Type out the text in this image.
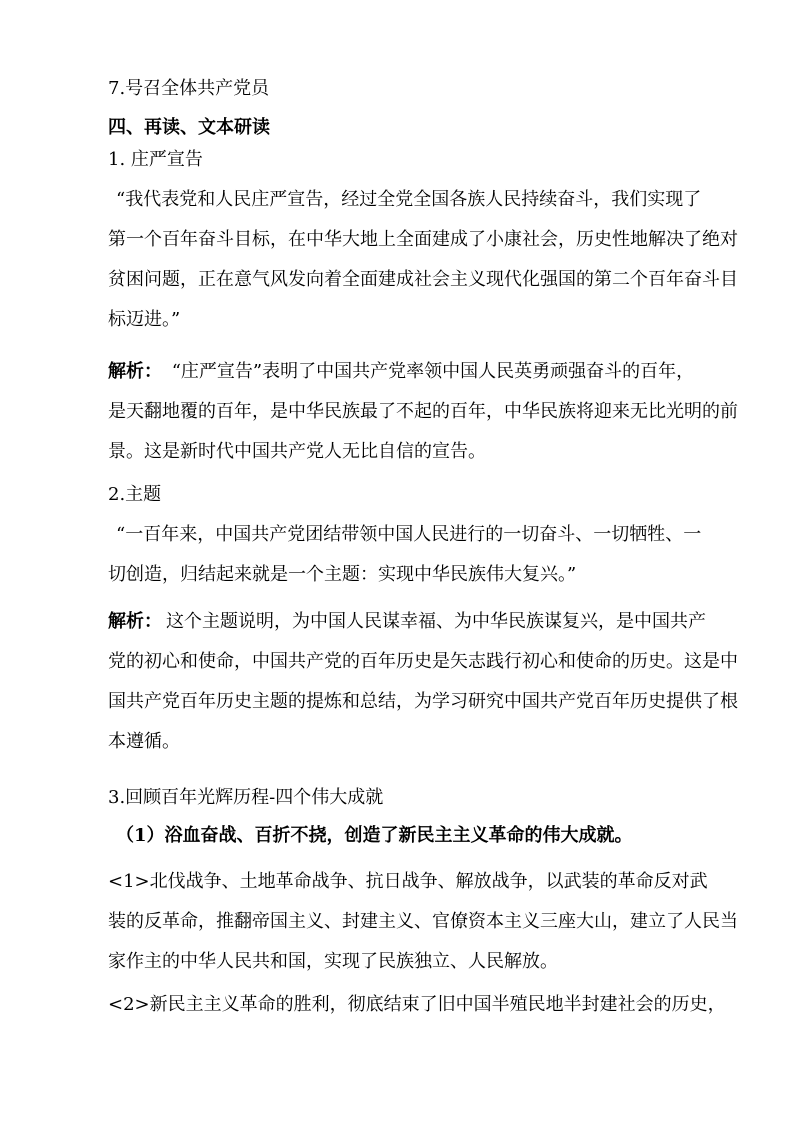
7.号召全体共产党员
四、再读、文本研读
1. 庄严宣告
“我代表党和人民庄严宣告，经过全党全国各族人民持续奋斗，我们实现了
第一个百年奋斗目标，在中华大地上全面建成了小康社会，历史性地解决了绝对
贫困问题，正在意气风发向着全面建成社会主义现代化强国的第二个百年奋斗目
标迈进。”
解析： “庄严宣告”表明了中国共产党率领中国人民英勇顽强奋斗的百年，
是天翻地覆的百年，是中华民族最了不起的百年，中华民族将迎来无比光明的前
景。这是新时代中国共产党人无比自信的宣告。
2.主题
“一百年来，中国共产党团结带领中国人民进行的一切奋斗、一切牺牲、一
切创造，归结起来就是一个主题：实现中华民族伟大复兴。”
解析： 这个主题说明，为中国人民谋幸福、为中华民族谋复兴，是中国共产
党的初心和使命，中国共产党的百年历史是矢志践行初心和使命的历史。这是中
国共产党百年历史主题的提炼和总结，为学习研究中国共产党百年历史提供了根
本遵循。
3.回顾百年光辉历程-四个伟大成就
（1）浴血奋战、百折不挠，创造了新民主主义革命的伟大成就。
<1>北伐战争、土地革命战争、抗日战争、解放战争，以武装的革命反对武
装的反革命，推翻帝国主义、封建主义、官僚资本主义三座大山，建立了人民当
家作主的中华人民共和国，实现了民族独立、人民解放。
<2>新民主主义革命的胜利，彻底结束了旧中国半殖民地半封建社会的历史，
